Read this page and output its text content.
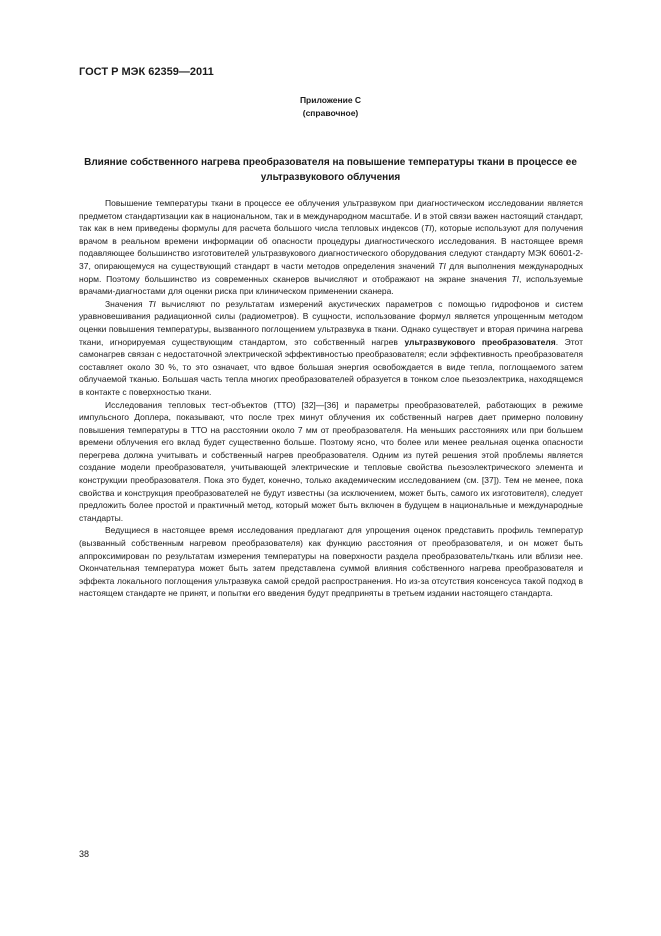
ГОСТ Р МЭК 62359—2011
Приложение С
(справочное)
Влияние собственного нагрева преобразователя на повышение температуры ткани в процессе ее ультразвукового облучения

Повышение температуры ткани в процессе ее облучения ультразвуком при диагностическом исследовании является предметом стандартизации как в национальном, так и в международном масштабе. И в этой связи важен настоящий стандарт, так как в нем приведены формулы для расчета большого числа тепловых индексов (TI), которые используют для получения врачом в реальном времени информации об опасности процедуры диагностического исследования. В настоящее время подавляющее большинство изготовителей ультразвукового диагностического оборудования следуют стандарту МЭК 60601-2-37, опирающемуся на существующий стандарт в части методов определения значений TI для выполнения международных норм. Поэтому большинство из современных сканеров вычисляют и отображают на экране значения TI, используемые врачами-диагностами для оценки риска при клиническом применении сканера.

Значения TI вычисляют по результатам измерений акустических параметров с помощью гидрофонов и систем уравновешивания радиационной силы (радиометров). В сущности, использование формул является упрощенным методом оценки повышения температуры, вызванного поглощением ультразвука в ткани. Однако существует и вторая причина нагрева ткани, игнорируемая существующим стандартом, это собственный нагрев ультразвукового преобразователя. Этот самонагрев связан с недостаточной электрической эффективностью преобразователя; если эффективность преобразователя составляет около 30 %, то это означает, что вдвое большая энергия освобождается в виде тепла, поглощаемого затем облучаемой тканью. Большая часть тепла многих преобразователей образуется в тонком слое пьезоэлектрика, находящемся в контакте с поверхностью ткани.

Исследования тепловых тест-объектов (ТТО) [32]—[36] и параметры преобразователей, работающих в режиме импульсного Доплера, показывают, что после трех минут облучения их собственный нагрев дает примерно половину повышения температуры в ТТО на расстоянии около 7 мм от преобразователя. На меньших расстояниях или при большем времени облучения его вклад будет существенно больше. Поэтому ясно, что более или менее реальная оценка опасности перегрева должна учитывать и собственный нагрев преобразователя. Одним из путей решения этой проблемы является создание модели преобразователя, учитывающей электрические и тепловые свойства пьезоэлектрического элемента и конструкции преобразователя. Пока это будет, конечно, только академическим исследованием (см. [37]). Тем не менее, пока свойства и конструкция преобразователей не будут известны (за исключением, может быть, самого их изготовителя), следует предложить более простой и практичный метод, который может быть включен в будущем в национальные и международные стандарты.

Ведущиеся в настоящее время исследования предлагают для упрощения оценок представить профиль температур (вызванный собственным нагревом преобразователя) как функцию расстояния от преобразователя, и он может быть аппроксимирован по результатам измерения температуры на поверхности раздела преобразователь/ткань или вблизи нее. Окончательная температура может быть затем представлена суммой влияния собственного нагрева преобразователя и эффекта локального поглощения ультразвука самой средой распространения. Но из-за отсутствия консенсуса такой подход в настоящем стандарте не принят, и попытки его введения будут предприняты в третьем издании настоящего стандарта.

38
